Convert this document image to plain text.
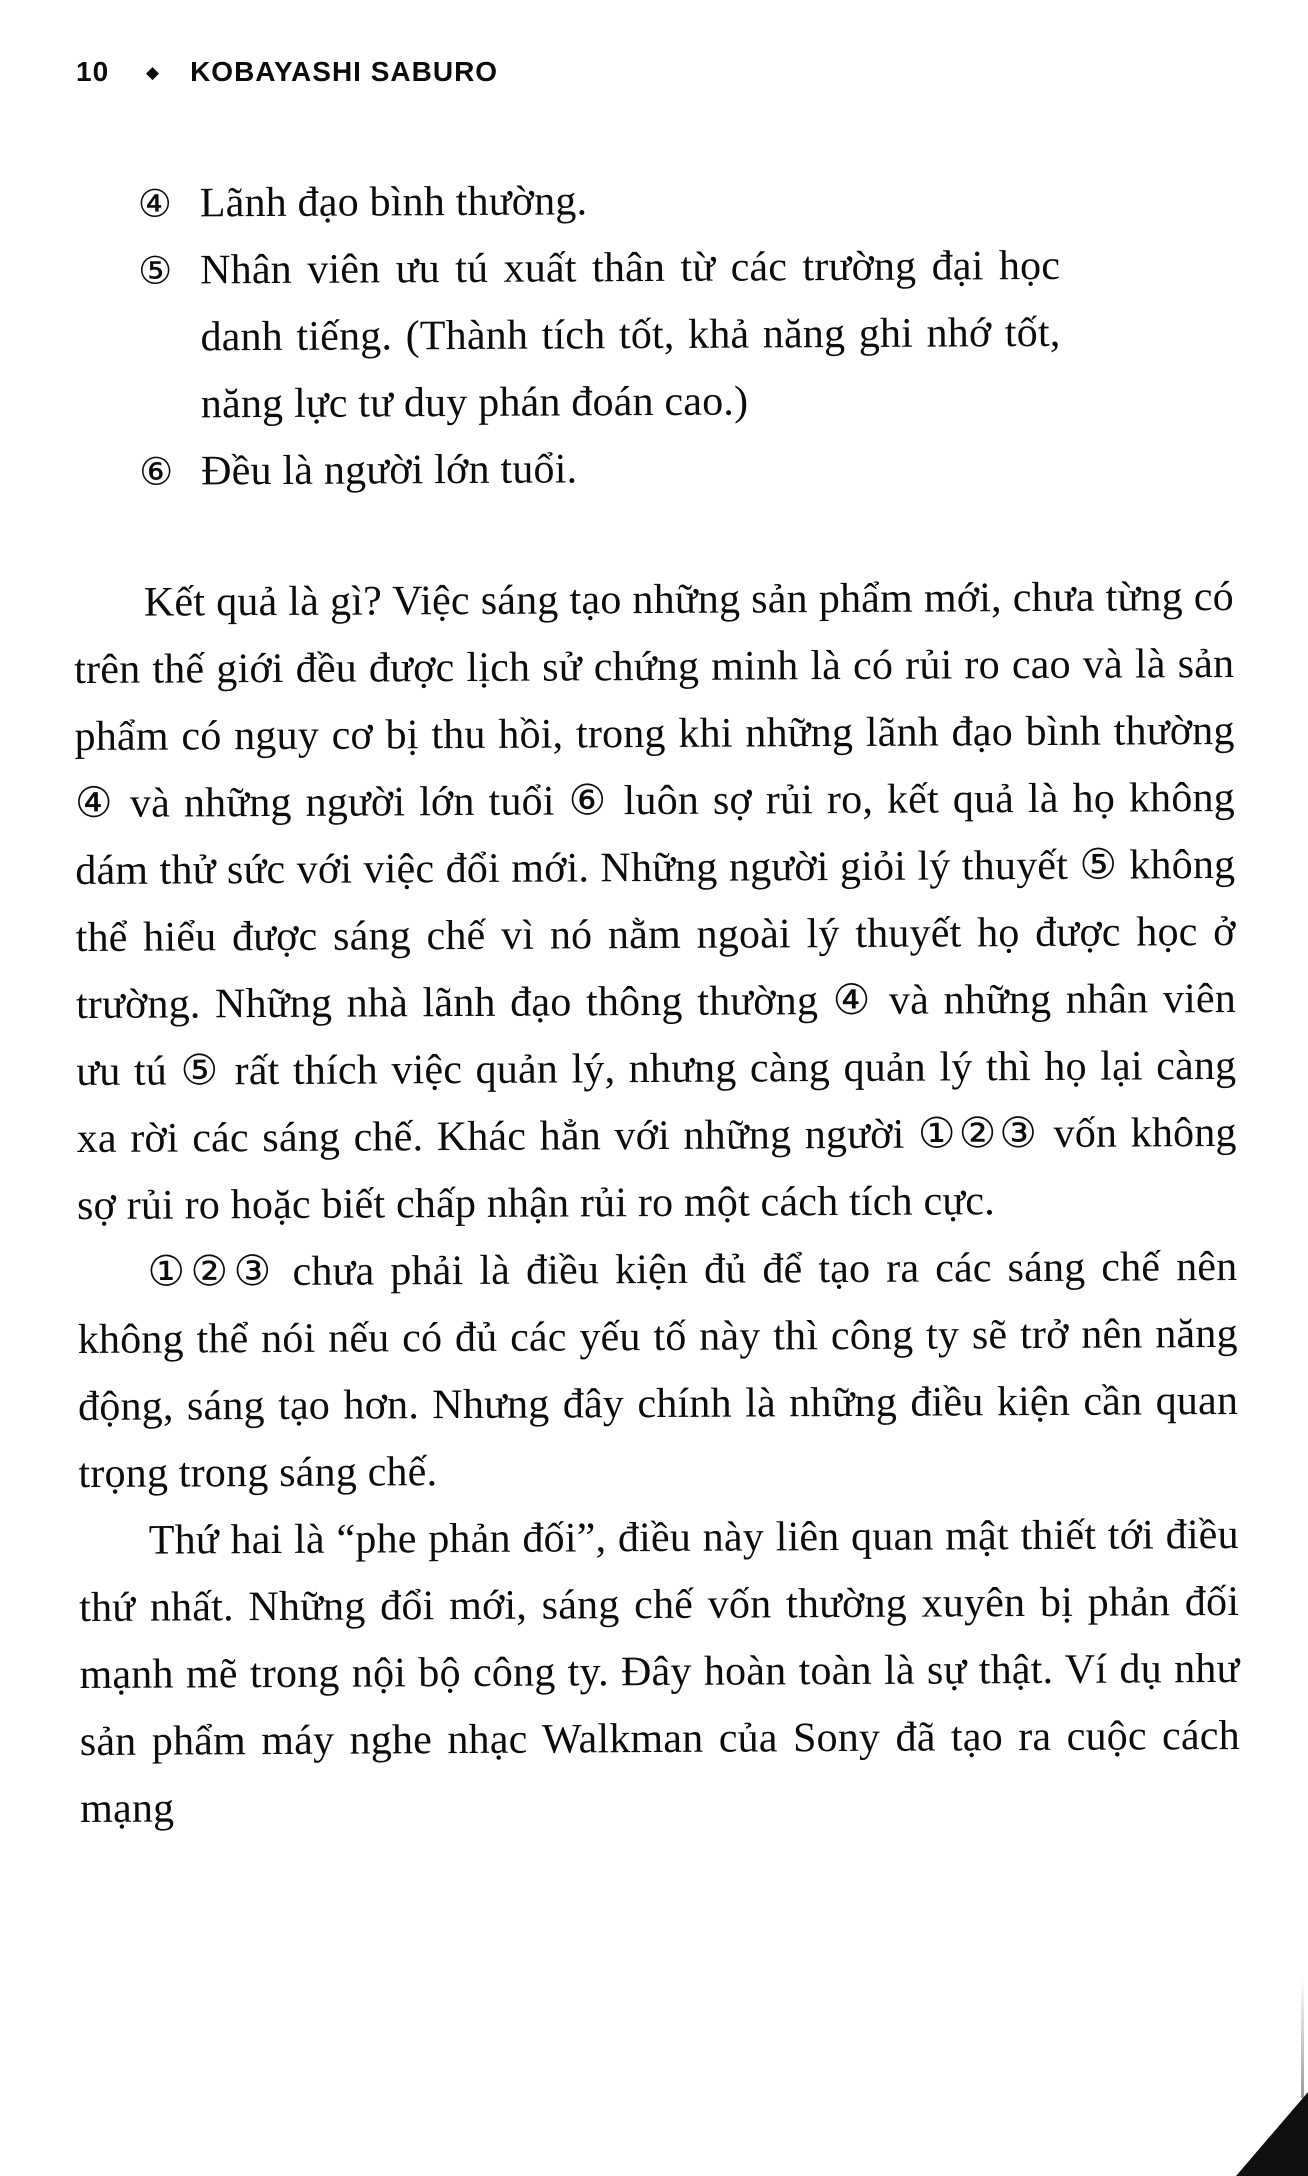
10	◆ KOBAYASHI SABURO
④ Lãnh đạo bình thường.
⑤ Nhân viên ưu tú xuất thân từ các trường đại học danh tiếng. (Thành tích tốt, khả năng ghi nhớ tốt, năng lực tư duy phán đoán cao.)
⑥ Đều là người lớn tuổi.

Kết quả là gì? Việc sáng tạo những sản phẩm mới, chưa từng có trên thế giới đều được lịch sử chứng minh là có rủi ro cao và là sản phẩm có nguy cơ bị thu hồi, trong khi những lãnh đạo bình thường ④ và những người lớn tuổi ⑥ luôn sợ rủi ro, kết quả là họ không dám thử sức với việc đổi mới. Những người giỏi lý thuyết ⑤ không thể hiểu được sáng chế vì nó nằm ngoài lý thuyết họ được học ở trường. Những nhà lãnh đạo thông thường ④ và những nhân viên ưu tú ⑤ rất thích việc quản lý, nhưng càng quản lý thì họ lại càng xa rời các sáng chế. Khác hẳn với những người ①②③ vốn không sợ rủi ro hoặc biết chấp nhận rủi ro một cách tích cực.

①②③ chưa phải là điều kiện đủ để tạo ra các sáng chế nên không thể nói nếu có đủ các yếu tố này thì công ty sẽ trở nên năng động, sáng tạo hơn. Nhưng đây chính là những điều kiện cần quan trọng trong sáng chế.

Thứ hai là “phe phản đối”, điều này liên quan mật thiết tới điều thứ nhất. Những đổi mới, sáng chế vốn thường xuyên bị phản đối mạnh mẽ trong nội bộ công ty. Đây hoàn toàn là sự thật. Ví dụ như sản phẩm máy nghe nhạc Walkman của Sony đã tạo ra cuộc cách mạng
